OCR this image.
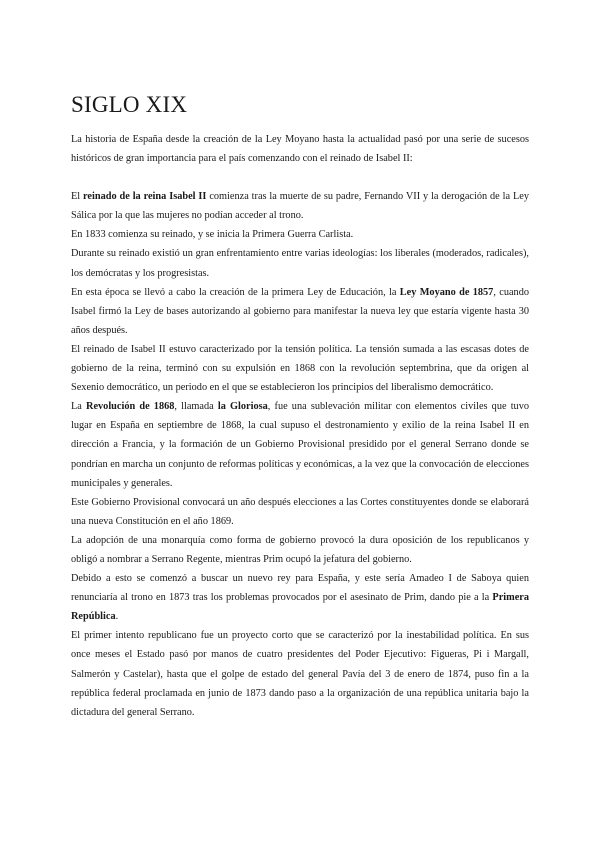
SIGLO XIX

La historia de España desde la creación de la Ley Moyano hasta la actualidad pasó por una serie de sucesos históricos de gran importancia para el país comenzando con el reinado de Isabel II:

El reinado de la reina Isabel II comienza tras la muerte de su padre, Fernando VII y la derogación de la Ley Sálica por la que las mujeres no podían acceder al trono.

En 1833 comienza su reinado, y se inicia la Primera Guerra Carlista.

Durante su reinado existió un gran enfrentamiento entre varias ideologías: los liberales (moderados, radicales), los demócratas y los progresistas.

En esta época se llevó a cabo la creación de la primera Ley de Educación, la Ley Moyano de 1857, cuando Isabel firmó la Ley de bases autorizando al gobierno para manifestar la nueva ley que estaría vigente hasta 30 años después.

El reinado de Isabel II estuvo caracterizado por la tensión política. La tensión sumada a las escasas dotes de gobierno de la reina, terminó con su expulsión en 1868 con la revolución septembrina, que da origen al Sexenio democrático, un periodo en el que se establecieron los principios del liberalismo democrático.

La Revolución de 1868, llamada la Gloriosa, fue una sublevación militar con elementos civiles que tuvo lugar en España en septiembre de 1868, la cual supuso el destronamiento y exilio de la reina Isabel II en dirección a Francia, y la formación de un Gobierno Provisional presidido por el general Serrano donde se pondrían en marcha un conjunto de reformas políticas y económicas, a la vez que la convocación de elecciones municipales y generales.

Este Gobierno Provisional convocará un año después elecciones a las Cortes constituyentes donde se elaborará una nueva Constitución en el año 1869.

La adopción de una monarquía como forma de gobierno provocó la dura oposición de los republicanos y obligó a nombrar a Serrano Regente, mientras Prim ocupó la jefatura del gobierno.

Debido a esto se comenzó a buscar un nuevo rey para España, y este sería Amadeo I de Saboya quien renunciaría al trono en 1873 tras los problemas provocados por el asesinato de Prim, dando pie a la Primera República.

El primer intento republicano fue un proyecto corto que se caracterizó por la inestabilidad política. En sus once meses el Estado pasó por manos de cuatro presidentes del Poder Ejecutivo: Figueras, Pi i Margall, Salmerón y Castelar), hasta que el golpe de estado del general Pavía del 3 de enero de 1874, puso fin a la república federal proclamada en junio de 1873 dando paso a la organización de una república unitaria bajo la dictadura del general Serrano.
